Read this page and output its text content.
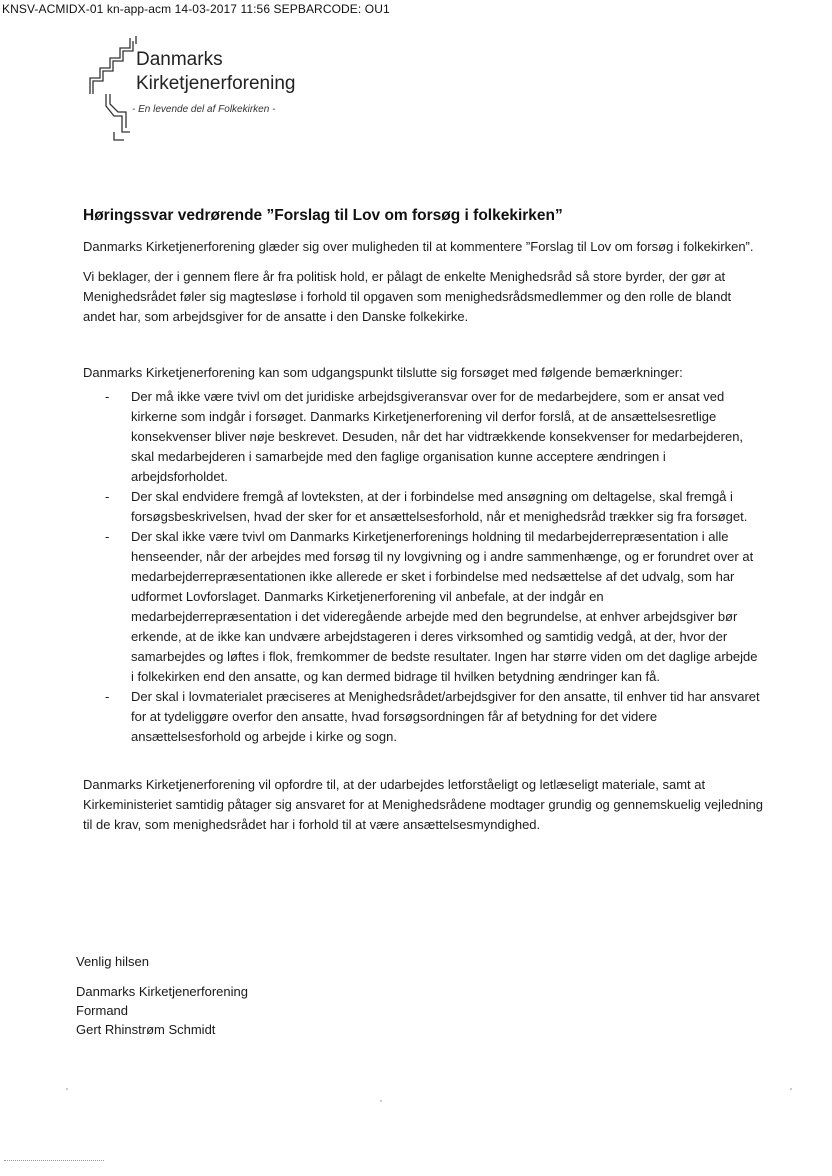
KNSV-ACMIDX-01 kn-app-acm 14-03-2017 11:56 SEPBARCODE: OU1
Danmarks
Kirketjenerforening
- En levende del af Folkekirken -
Høringssvar vedrørende ”Forslag til Lov om forsøg i folkekirken”

Danmarks Kirketjenerforening glæder sig over muligheden til at kommentere ”Forslag til Lov om forsøg i folkekirken”.

Vi beklager, der i gennem flere år fra politisk hold, er pålagt de enkelte Menighedsråd så store byrder, der gør at Menighedsrådet føler sig magtesløse i forhold til opgaven som menighedsrådsmedlemmer og den rolle de blandt andet har, som arbejdsgiver for de ansatte i den Danske folkekirke.

Danmarks Kirketjenerforening kan som udgangspunkt tilslutte sig forsøget med følgende bemærkninger:

- Der må ikke være tvivl om det juridiske arbejdsgiveransvar over for de medarbejdere, som er ansat ved kirkerne som indgår i forsøget. Danmarks Kirketjenerforening vil derfor forslå, at de ansættelsesretlige konsekvenser bliver nøje beskrevet. Desuden, når det har vidtrækkende konsekvenser for medarbejderen, skal medarbejderen i samarbejde med den faglige organisation kunne acceptere ændringen i arbejdsforholdet.
- Der skal endvidere fremgå af lovteksten, at der i forbindelse med ansøgning om deltagelse, skal fremgå i forsøgsbeskrivelsen, hvad der sker for et ansættelsesforhold, når et menighedsråd trækker sig fra forsøget.
- Der skal ikke være tvivl om Danmarks Kirketjenerforenings holdning til medarbejderrepræsentation i alle henseender, når der arbejdes med forsøg til ny lovgivning og i andre sammenhænge, og er forundret over at medarbejderrepræsentationen ikke allerede er sket i forbindelse med nedsættelse af det udvalg, som har udformet Lovforslaget. Danmarks Kirketjenerforening vil anbefale, at der indgår en medarbejderrepræsentation i det videregående arbejde med den begrundelse, at enhver arbejdsgiver bør erkende, at de ikke kan undvære arbejdstageren i deres virksomhed og samtidig vedgå, at der, hvor der samarbejdes og løftes i flok, fremkommer de bedste resultater. Ingen har større viden om det daglige arbejde i folkekirken end den ansatte, og kan dermed bidrage til hvilken betydning ændringer kan få.
- Der skal i lovmaterialet præciseres at Menighedsrådet/arbejdsgiver for den ansatte, til enhver tid har ansvaret for at tydeliggøre overfor den ansatte, hvad forsøgsordningen får af betydning for det videre ansættelsesforhold og arbejde i kirke og sogn.

Danmarks Kirketjenerforening vil opfordre til, at der udarbejdes letforståeligt og letlæseligt materiale, samt at Kirkeministeriet samtidig påtager sig ansvaret for at Menighedsrådene modtager grundig og gennemskuelig vejledning til de krav, som menighedsrådet har i forhold til at være ansættelsesmyndighed.

Venlig hilsen
Danmarks Kirketjenerforening
Formand
Gert Rhinstrøm Schmidt
